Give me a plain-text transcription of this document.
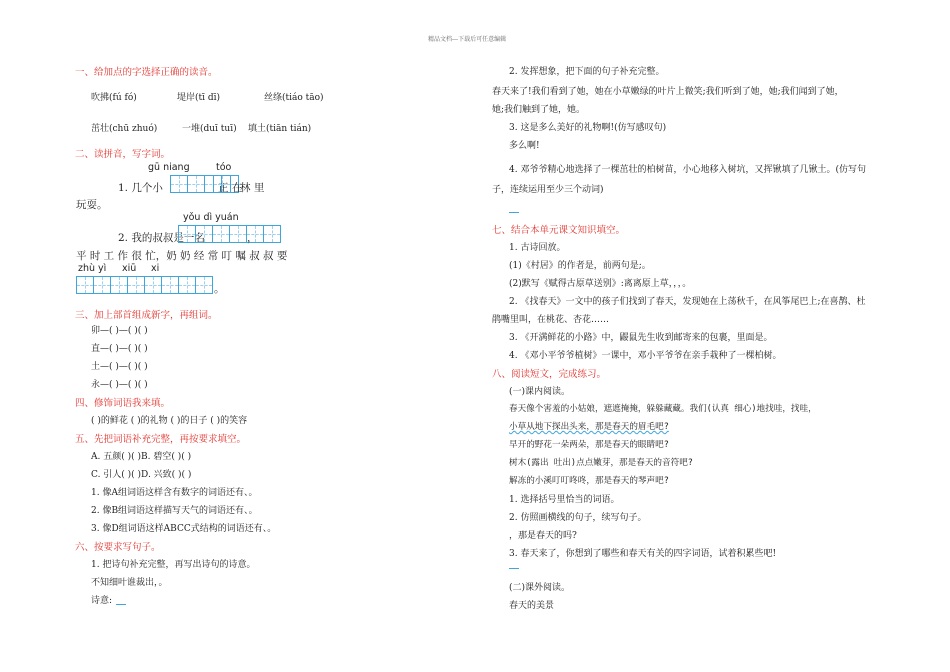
精品文档---下载后可任意编辑
一、给加点的字选择正确的读音。
吹拂(fú fó)	堤岸(tī dī)	丝绦(tiáo tāo)
茁壮(chū zhuó)	一堆(duī tuī) 填土(tiān tián)
二、读拼音，写字词。
gū niang	tóo
1. 几个小	正 在
林 里
玩耍。
yǒu dì yuán
2. 我的叔叔是一名	，
平 时 工 作 很 忙，奶 奶 经 常 叮 嘱 叔 叔 要
zhù yì xiū xi
。
三、加上部首组成新字，再组词。
卯—( )—( )( )
直—( )—( )( )
土—( )—( )( )
永—( )—( )( )
四、修饰词语我来填。
( )的鲜花 ( )的礼物 ( )的日子 ( )的笑容
五、先把词语补充完整，再按要求填空。
A. 五颜( )( )B. 碧空( )( )
C. 引人( )( )D. 兴致( )( )
1. 像A组词语这样含有数字的词语还有、。
2. 像B组词语这样描写天气的词语还有、。
3. 像D组词语这样ABCC式结构的词语还有、。
六、按要求写句子。
1. 把诗句补充完整，再写出诗句的诗意。
不知细叶谁裁出，。
诗意:
2. 发挥想象，把下面的句子补充完整。
春天来了!我们看到了她，她在小草嫩绿的叶片上微笑;我们听到了她，她;我们闻到了她，
她;我们触到了她，她。
3. 这是多么美好的礼物啊!(仿写感叹句)
多么啊!
4. 邓爷爷精心地选择了一棵茁壮的柏树苗，小心地移入树坑，又挥锹填了几锹土。(仿写句
子，连续运用至少三个动词)
七、结合本单元课文知识填空。
1. 古诗回放。
(1)《村居》的作者是，前两句是;。
(2)默写《赋得古原草送别》:离离原上草，，，。
2. 《找春天》一文中的孩子们找到了春天，发现她在上荡秋千，在风筝尾巴上;在喜鹊、杜
鹃嘴里叫，在桃花、杏花……
3. 《开满鲜花的小路》中，鼹鼠先生收到邮寄来的包裹，里面是。
4. 《邓小平爷爷植树》一课中，邓小平爷爷在亲手栽种了一棵柏树。
八、阅读短文，完成练习。
(一)课内阅读。
春天像个害羞的小姑娘，遮遮掩掩，躲躲藏藏。我们(认真 细心)地找哇，找哇，
小草从地下探出头来，那是春天的眉毛吧?
早开的野花一朵两朵，那是春天的眼睛吧?
树木(露出 吐出)点点嫩芽，那是春天的音符吧?
解冻的小溪叮叮咚咚，那是春天的琴声吧?
1. 选择括号里恰当的词语。
2. 仿照画横线的句子，续写句子。
，那是春天的吗?
3. 春天来了，你想到了哪些和春天有关的四字词语，试着积累些吧!
(二)课外阅读。
春天的美景
